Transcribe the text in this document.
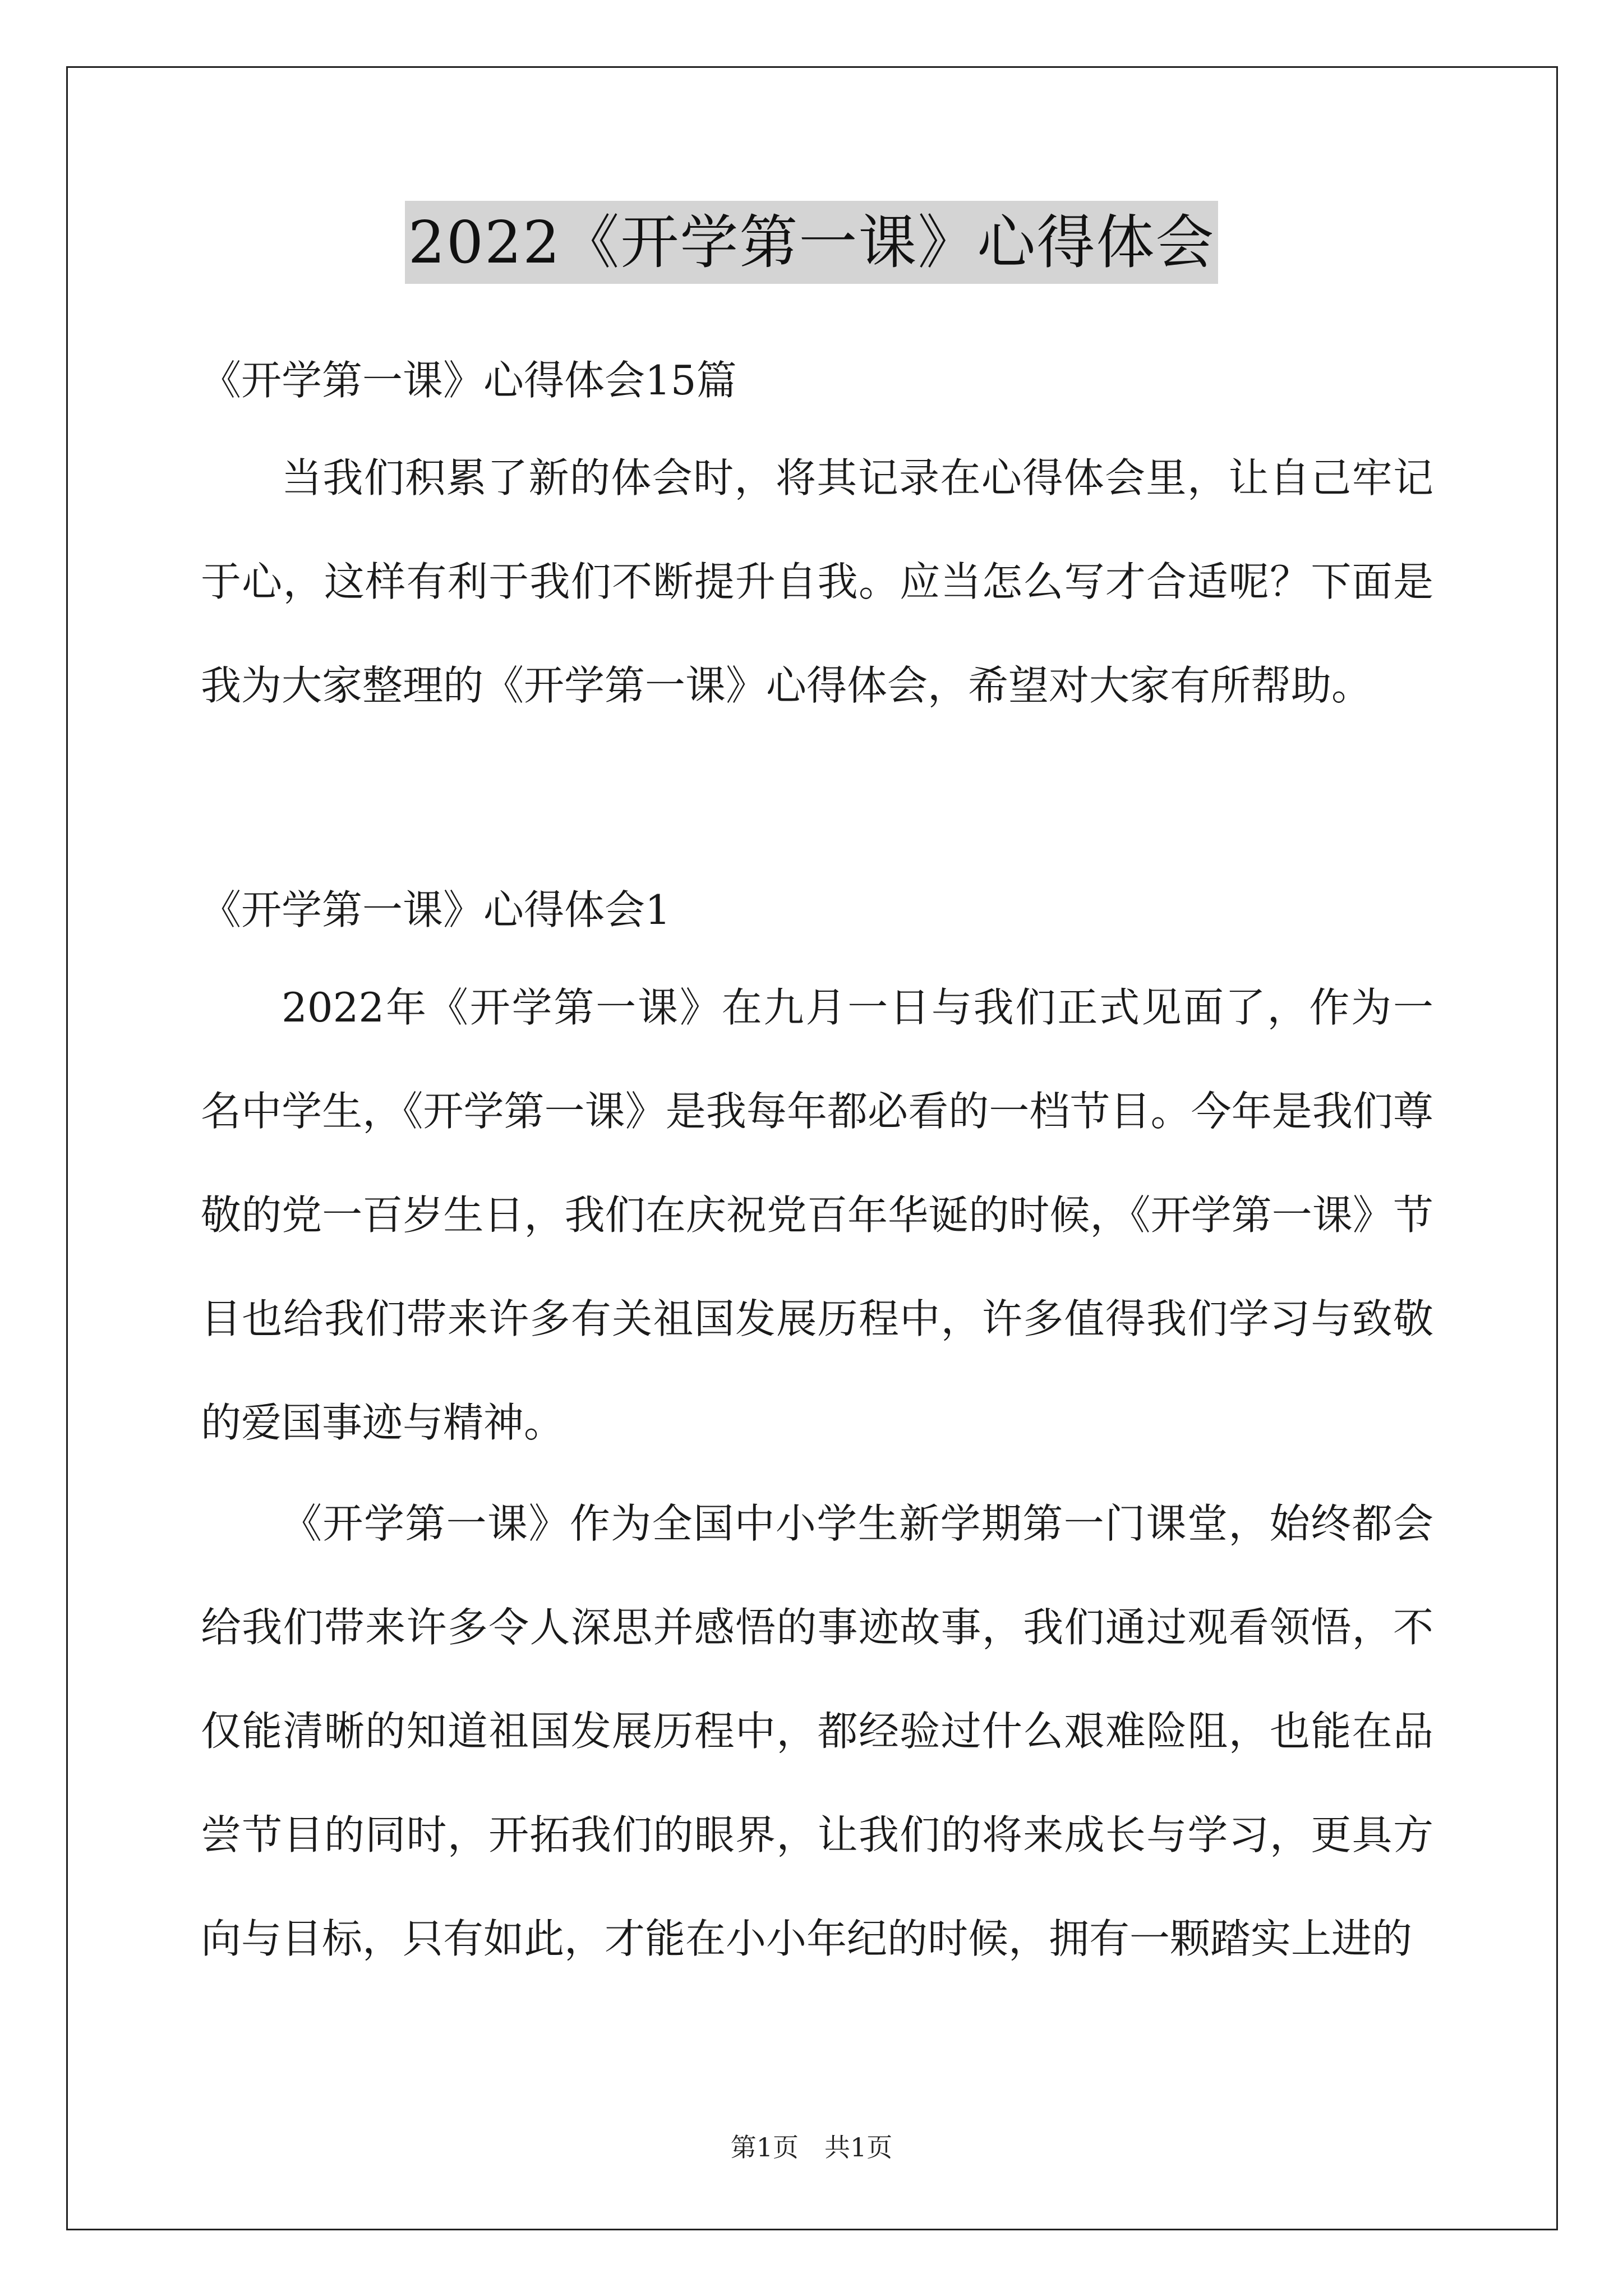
2022《开学第一课》心得体会
《开学第一课》心得体会15篇
当我们积累了新的体会时，将其记录在心得体会里，让自己牢记于心，这样有利于我们不断提升自我。应当怎么写才合适呢？下面是我为大家整理的《开学第一课》心得体会，希望对大家有所帮助。
《开学第一课》心得体会1
2022年《开学第一课》在九月一日与我们正式见面了，作为一名中学生，《开学第一课》是我每年都必看的一档节目。今年是我们尊敬的党一百岁生日，我们在庆祝党百年华诞的时候，《开学第一课》节目也给我们带来许多有关祖国发展历程中，许多值得我们学习与致敬的爱国事迹与精神。
《开学第一课》作为全国中小学生新学期第一门课堂，始终都会给我们带来许多令人深思并感悟的事迹故事，我们通过观看领悟，不仅能清晰的知道祖国发展历程中，都经验过什么艰难险阻，也能在品尝节目的同时，开拓我们的眼界，让我们的将来成长与学习，更具方向与目标，只有如此，才能在小小年纪的时候，拥有一颗踏实上进的
第1页 共1页
